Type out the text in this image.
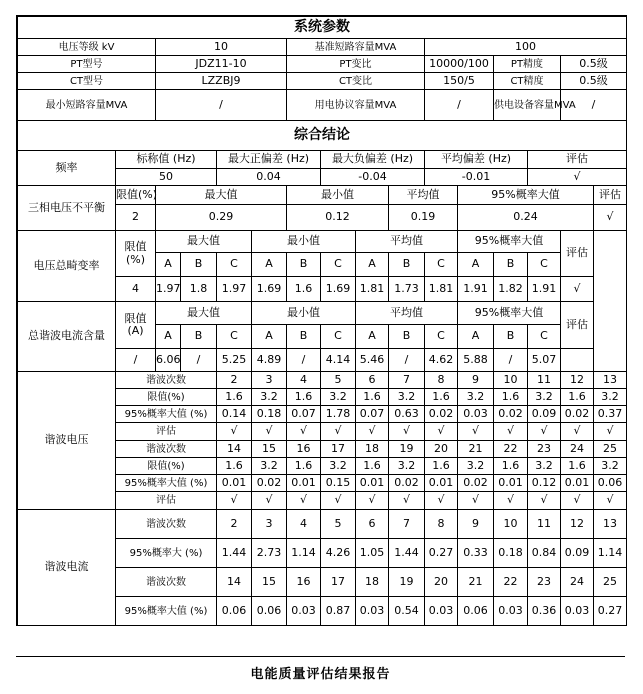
系统参数															
电压等级 kV		10				基准短路容量MVA				100					
PT型号		JDZ11-10				PT变比				10000/100		PT精度		0.5级	
CT型号		LZZBJ9				CT变比				150/5		CT精度		0.5级	
最小短路容量MVA		/				用电协议容量MVA				/		供电设备容量MVA		/	
综合结论															
频率	标称值 (Hz)			最大正偏差 (Hz)			最大负偏差 (Hz)			平均偏差 (Hz)			评估		
	50			0.04			-0.04			-0.01			√		
三相电压不平衡	限值(%)	最大值				最小值			平均值		95%概率大值				评估
	2	0.29				0.12			0.19		0.24				√
电压总畸变率	限值(%)	最大值			最小值			平均值			95%概率大值			评估	
		A	B	C	A	B	C	A	B	C	A	B	C		
	4	1.97	1.8	1.97	1.69	1.6	1.69	1.81	1.73	1.81	1.91	1.82	1.91	√	
总谐波电流含量	限值 (A)	最大值			最小值			平均值			95%概率大值			评估	
		A	B	C	A	B	C	A	B	C	A	B	C		
	/	6.06	/	5.25	4.89	/	4.14	5.46	/	4.62	5.88	/	5.07		
谐波电压	谐波次数			2	3	4	5	6	7	8	9	10	11	12	13
	限值(%)			1.6	3.2	1.6	3.2	1.6	3.2	1.6	3.2	1.6	3.2	1.6	3.2
	95%概率大值 (%)			0.14	0.18	0.07	1.78	0.07	0.63	0.02	0.03	0.02	0.09	0.02	0.37
	评估			√	√	√	√	√	√	√	√	√	√	√	√
	谐波次数			14	15	16	17	18	19	20	21	22	23	24	25
	限值(%)			1.6	3.2	1.6	3.2	1.6	3.2	1.6	3.2	1.6	3.2	1.6	3.2
	95%概率大值 (%)			0.01	0.02	0.01	0.15	0.01	0.02	0.01	0.02	0.01	0.12	0.01	0.06
	评估			√	√	√	√	√	√	√	√	√	√	√	√
谐波电流	谐波次数			2	3	4	5	6	7	8	9	10	11	12	13
	95%概率大 (%)			1.44	2.73	1.14	4.26	1.05	1.44	0.27	0.33	0.18	0.84	0.09	1.14
	谐波次数			14	15	16	17	18	19	20	21	22	23	24	25
	95%概率大值 (%)			0.06	0.06	0.03	0.87	0.03	0.54	0.03	0.06	0.03	0.36	0.03	0.27
电能质量评估结果报告
